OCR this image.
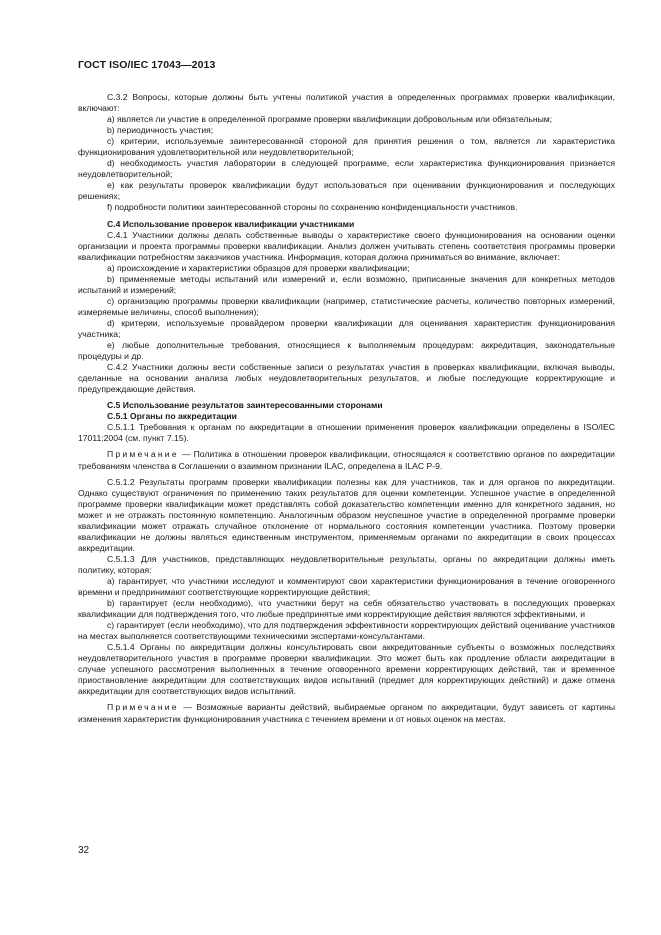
ГОСТ ISO/IEC 17043—2013

C.3.2 Вопросы, которые должны быть учтены политикой участия в определенных программах проверки квалификации, включают:

а) является ли участие в определенной программе проверки квалификации добровольным или обязательным;

b) периодичность участия;

с) критерии, используемые заинтересованной стороной для принятия решения о том, является ли характеристика функционирования удовлетворительной или неудовлетворительной;

d) необходимость участия лаборатории в следующей программе, если характеристика функционирования признается неудовлетворительной;

е) как результаты проверок квалификации будут использоваться при оценивании функционирования и последующих решениях;

f) подробности политики заинтересованной стороны по сохранению конфиденциальности участников.

C.4 Использование проверок квалификации участниками

C.4.1 Участники должны делать собственные выводы о характеристике своего функционирования на основании оценки организации и проекта программы проверки квалификации. Анализ должен учитывать степень соответствия программы проверки квалификации потребностям заказчиков участника. Информация, которая должна приниматься во внимание, включает:

а) происхождение и характеристики образцов для проверки квалификации;

b) применяемые методы испытаний или измерений и, если возможно, приписанные значения для конкретных методов испытаний и измерений;

с) организацию программы проверки квалификации (например, статистические расчеты, количество повторных измерений, измеряемые величины, способ выполнения);

d) критерии, используемые провайдером проверки квалификации для оценивания характеристик функционирования участника;

е) любые дополнительные требования, относящиеся к выполняемым процедурам: аккредитация, законодательные процедуры и др.

C.4.2 Участники должны вести собственные записи о результатах участия в проверках квалификации, включая выводы, сделанные на основании анализа любых неудовлетворительных результатов, и любые последующие корректирующие и предупреждающие действия.

C.5 Использование результатов заинтересованными сторонами

C.5.1 Органы по аккредитации

C.5.1.1 Требования к органам по аккредитации в отношении применения проверок квалификации определены в ISO/IEC 17011:2004 (см. пункт 7.15).

Примечание — Политика в отношении проверок квалификации, относящаяся к соответствию органов по аккредитации требованиям членства в Соглашении о взаимном признании ILAC, определена в ILAC P-9.

C.5.1.2 Результаты программ проверки квалификации полезны как для участников, так и для органов по аккредитации. Однако существуют ограничения по применению таких результатов для оценки компетенции. Успешное участие в определенной программе проверки квалификации может представлять собой доказательство компетенции именно для конкретного задания, но может и не отражать постоянную компетенцию. Аналогичным образом неуспешное участие в определенной программе проверки квалификации может отражать случайное отклонение от нормального состояния компетенции участника. Поэтому проверки квалификации не должны являться единственным инструментом, применяемым органами по аккредитации в своих процессах аккредитации.

C.5.1.3 Для участников, представляющих неудовлетворительные результаты, органы по аккредитации должны иметь политику, которая:

а) гарантирует, что участники исследуют и комментируют свои характеристики функционирования в течение оговоренного времени и предпринимают соответствующие корректирующие действия;

b) гарантирует (если необходимо), что участники берут на себя обязательство участвовать в последующих проверках квалификации для подтверждения того, что любые предпринятые ими корректирующие действия являются эффективными, и

с) гарантирует (если необходимо), что для подтверждения эффективности корректирующих действий оценивание участников на местах выполняется соответствующими техническими экспертами-консультантами.

C.5.1.4 Органы по аккредитации должны консультировать свои аккредитованные субъекты о возможных последствиях неудовлетворительного участия в программе проверки квалификации. Это может быть как продление области аккредитации в случае успешного рассмотрения выполненных в течение оговоренного времени корректирующих действий, так и временное приостановление аккредитации для соответствующих видов испытаний (предмет для корректирующих действий) и даже отмена аккредитации для соответствующих видов испытаний.

Примечание — Возможные варианты действий, выбираемые органом по аккредитации, будут зависеть от картины изменения характеристик функционирования участника с течением времени и от новых оценок на местах.

32
